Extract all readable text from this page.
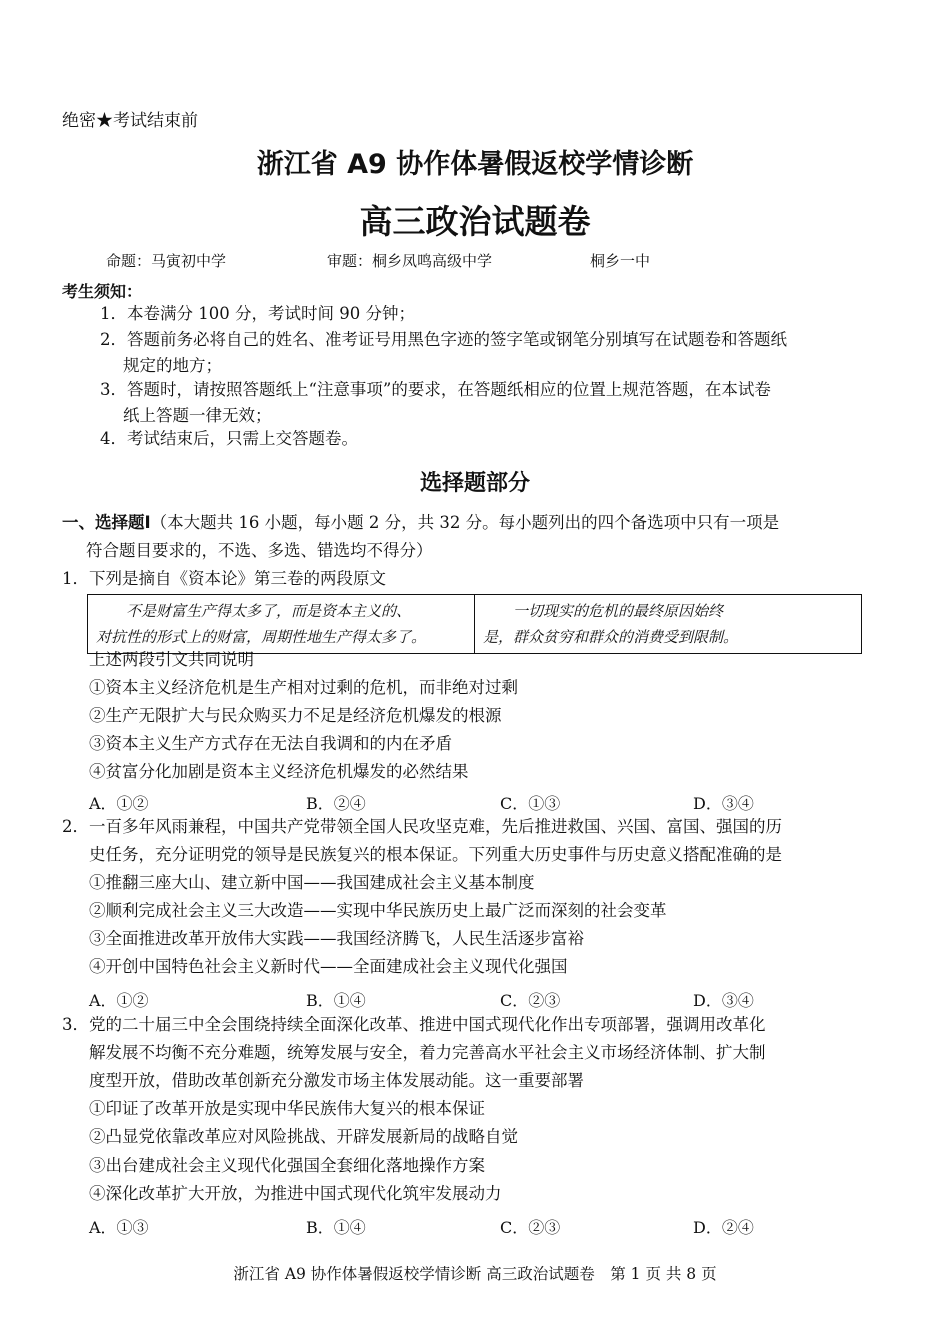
绝密★考试结束前
浙江省 A9 协作体暑假返校学情诊断
高三政治试题卷
命题：马寅初中学	审题：桐乡凤鸣高级中学	桐乡一中
考生须知：
1．本卷满分 100 分，考试时间 90 分钟；
2．答题前务必将自己的姓名、准考证号用黑色字迹的签字笔或钢笔分别填写在试题卷和答题纸
规定的地方；
3．答题时，请按照答题纸上“注意事项”的要求，在答题纸相应的位置上规范答题，在本试卷
纸上答题一律无效；
4．考试结束后，只需上交答题卷。
选择题部分
一、选择题Ⅰ（本大题共 16 小题，每小题 2 分，共 32 分。每小题列出的四个备选项中只有一项是
符合题目要求的，不选、多选、错选均不得分）
1．下列是摘自《资本论》第三卷的两段原文
不是财富生产得太多了，而是资本主义的、
对抗性的形式上的财富，周期性地生产得太多了。

一切现实的危机的最终原因始终
是，群众贫穷和群众的消费受到限制。
上述两段引文共同说明
①资本主义经济危机是生产相对过剩的危机，而非绝对过剩
②生产无限扩大与民众购买力不足是经济危机爆发的根源
③资本主义生产方式存在无法自我调和的内在矛盾
④贫富分化加剧是资本主义经济危机爆发的必然结果
A．①②	B．②④	C．①③	D．③④
2．一百多年风雨兼程，中国共产党带领全国人民攻坚克难，先后推进救国、兴国、富国、强国的历
史任务，充分证明党的领导是民族复兴的根本保证。下列重大历史事件与历史意义搭配准确的是
①推翻三座大山、建立新中国——我国建成社会主义基本制度
②顺利完成社会主义三大改造——实现中华民族历史上最广泛而深刻的社会变革
③全面推进改革开放伟大实践——我国经济腾飞，人民生活逐步富裕
④开创中国特色社会主义新时代——全面建成社会主义现代化强国
A．①②	B．①④	C．②③	D．③④
3．党的二十届三中全会围绕持续全面深化改革、推进中国式现代化作出专项部署，强调用改革化
解发展不均衡不充分难题，统筹发展与安全，着力完善高水平社会主义市场经济体制、扩大制
度型开放，借助改革创新充分激发市场主体发展动能。这一重要部署
①印证了改革开放是实现中华民族伟大复兴的根本保证
②凸显党依靠改革应对风险挑战、开辟发展新局的战略自觉
③出台建成社会主义现代化强国全套细化落地操作方案
④深化改革扩大开放，为推进中国式现代化筑牢发展动力
A．①③	B．①④	C．②③	D．②④
浙江省 A9 协作体暑假返校学情诊断 高三政治试题卷　第 1 页 共 8 页
